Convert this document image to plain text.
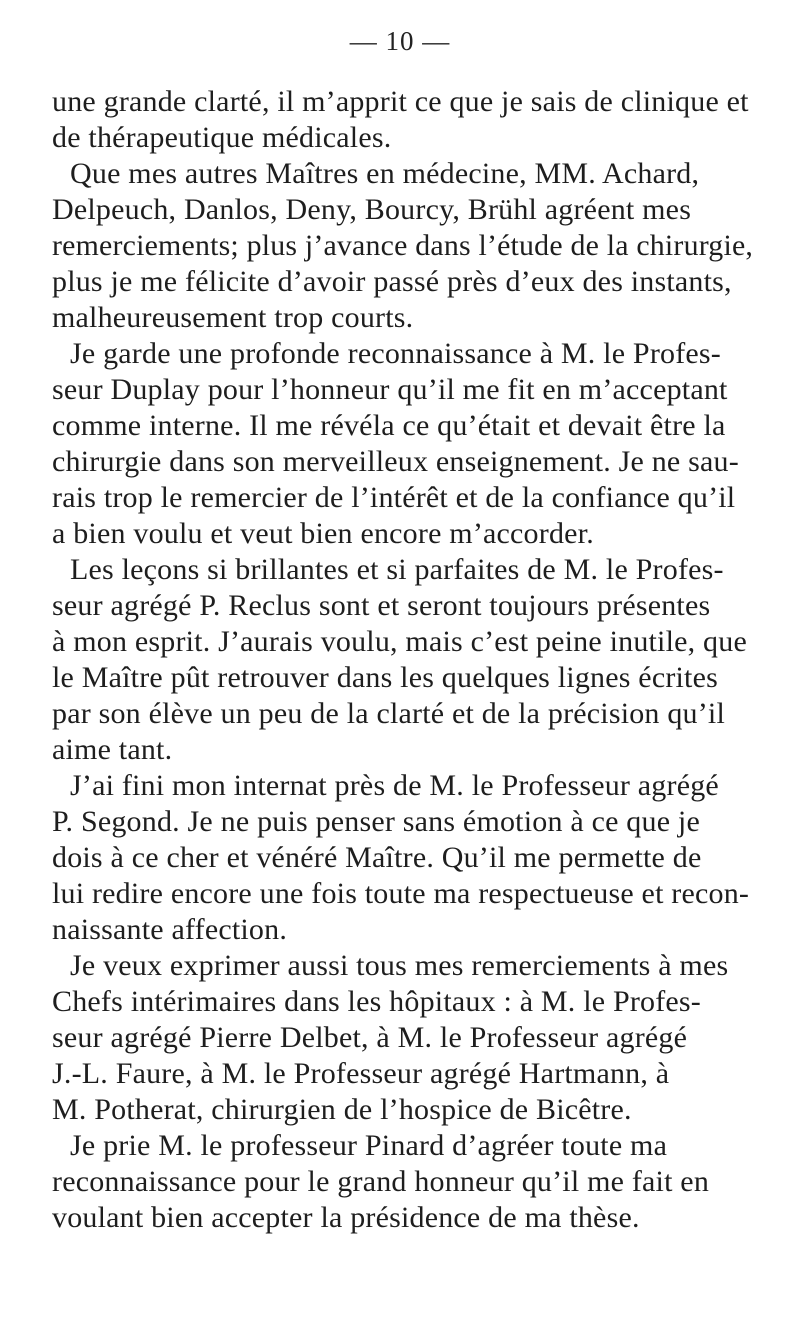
— 10 —
une grande clarté, il m’apprit ce que je sais de clinique et
de thérapeutique médicales.
Que mes autres Maîtres en médecine, MM. Achard,
Delpeuch, Danlos, Deny, Bourcy, Brühl agréent mes
remerciements; plus j’avance dans l’étude de la chirurgie,
plus je me félicite d’avoir passé près d’eux des instants,
malheureusement trop courts.
Je garde une profonde reconnaissance à M. le Profes-
seur Duplay pour l’honneur qu’il me fit en m’acceptant
comme interne. Il me révéla ce qu’était et devait être la
chirurgie dans son merveilleux enseignement. Je ne sau-
rais trop le remercier de l’intérêt et de la confiance qu’il
a bien voulu et veut bien encore m’accorder.
Les leçons si brillantes et si parfaites de M. le Profes-
seur agrégé P. Reclus sont et seront toujours présentes
à mon esprit. J’aurais voulu, mais c’est peine inutile, que
le Maître pût retrouver dans les quelques lignes écrites
par son élève un peu de la clarté et de la précision qu’il
aime tant.
J’ai fini mon internat près de M. le Professeur agrégé
P. Segond. Je ne puis penser sans émotion à ce que je
dois à ce cher et vénéré Maître. Qu’il me permette de
lui redire encore une fois toute ma respectueuse et recon-
naissante affection.
Je veux exprimer aussi tous mes remerciements à mes
Chefs intérimaires dans les hôpitaux : à M. le Profes-
seur agrégé Pierre Delbet, à M. le Professeur agrégé
J.-L. Faure, à M. le Professeur agrégé Hartmann, à
M. Potherat, chirurgien de l’hospice de Bicêtre.
Je prie M. le professeur Pinard d’agréer toute ma
reconnaissance pour le grand honneur qu’il me fait en
voulant bien accepter la présidence de ma thèse.
